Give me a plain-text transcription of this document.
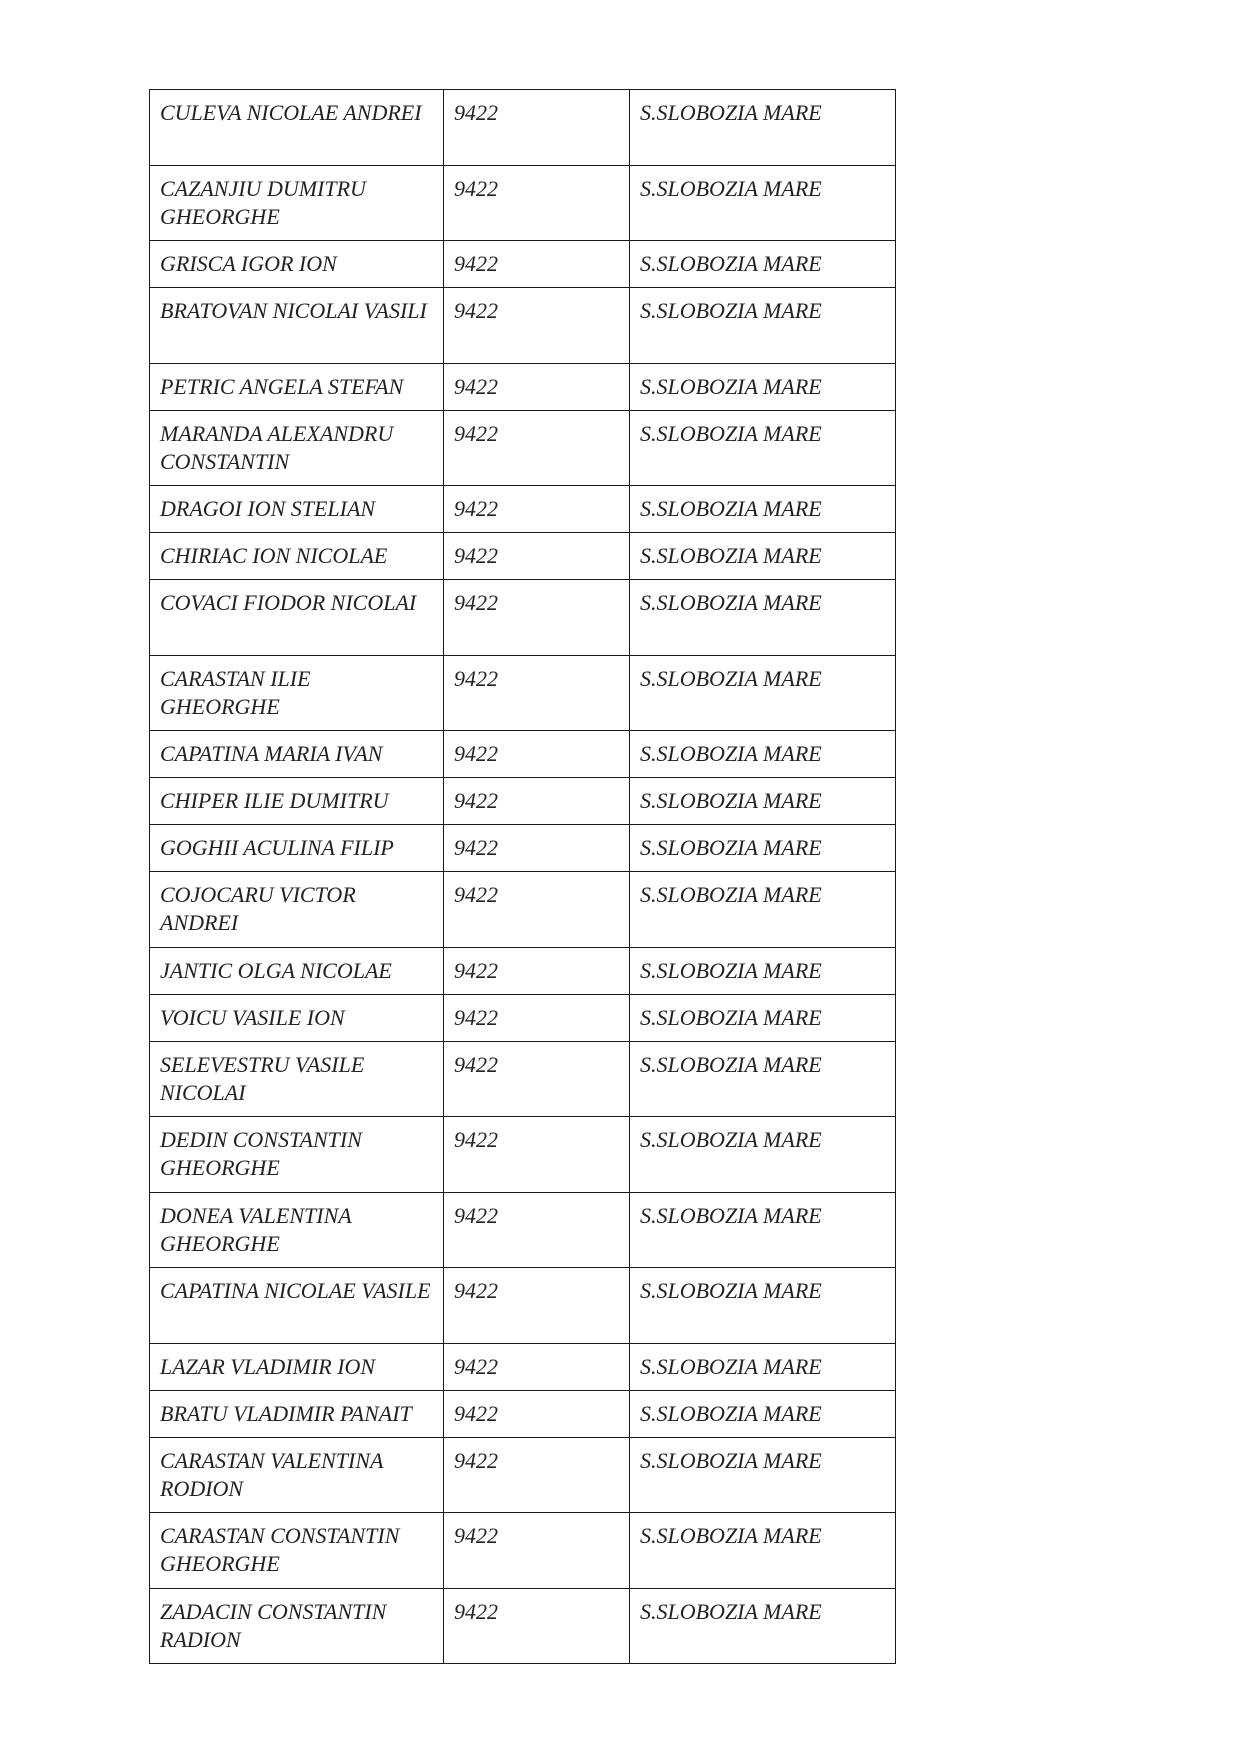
CULEVA NICOLAE ANDREI	9422	S.SLOBOZIA MARE
CAZANJIU DUMITRU GHEORGHE	9422	S.SLOBOZIA MARE
GRISCA IGOR ION	9422	S.SLOBOZIA MARE
BRATOVAN NICOLAI VASILI	9422	S.SLOBOZIA MARE
PETRIC ANGELA STEFAN	9422	S.SLOBOZIA MARE
MARANDA ALEXANDRU CONSTANTIN	9422	S.SLOBOZIA MARE
DRAGOI ION STELIAN	9422	S.SLOBOZIA MARE
CHIRIAC ION NICOLAE	9422	S.SLOBOZIA MARE
COVACI FIODOR NICOLAI	9422	S.SLOBOZIA MARE
CARASTAN ILIE GHEORGHE	9422	S.SLOBOZIA MARE
CAPATINA MARIA IVAN	9422	S.SLOBOZIA MARE
CHIPER ILIE DUMITRU	9422	S.SLOBOZIA MARE
GOGHII ACULINA FILIP	9422	S.SLOBOZIA MARE
COJOCARU VICTOR ANDREI	9422	S.SLOBOZIA MARE
JANTIC OLGA NICOLAE	9422	S.SLOBOZIA MARE
VOICU VASILE ION	9422	S.SLOBOZIA MARE
SELEVESTRU VASILE NICOLAI	9422	S.SLOBOZIA MARE
DEDIN CONSTANTIN GHEORGHE	9422	S.SLOBOZIA MARE
DONEA VALENTINA GHEORGHE	9422	S.SLOBOZIA MARE
CAPATINA NICOLAE VASILE	9422	S.SLOBOZIA MARE
LAZAR VLADIMIR ION	9422	S.SLOBOZIA MARE
BRATU VLADIMIR PANAIT	9422	S.SLOBOZIA MARE
CARASTAN VALENTINA RODION	9422	S.SLOBOZIA MARE
CARASTAN CONSTANTIN GHEORGHE	9422	S.SLOBOZIA MARE
ZADACIN CONSTANTIN RADION	9422	S.SLOBOZIA MARE
